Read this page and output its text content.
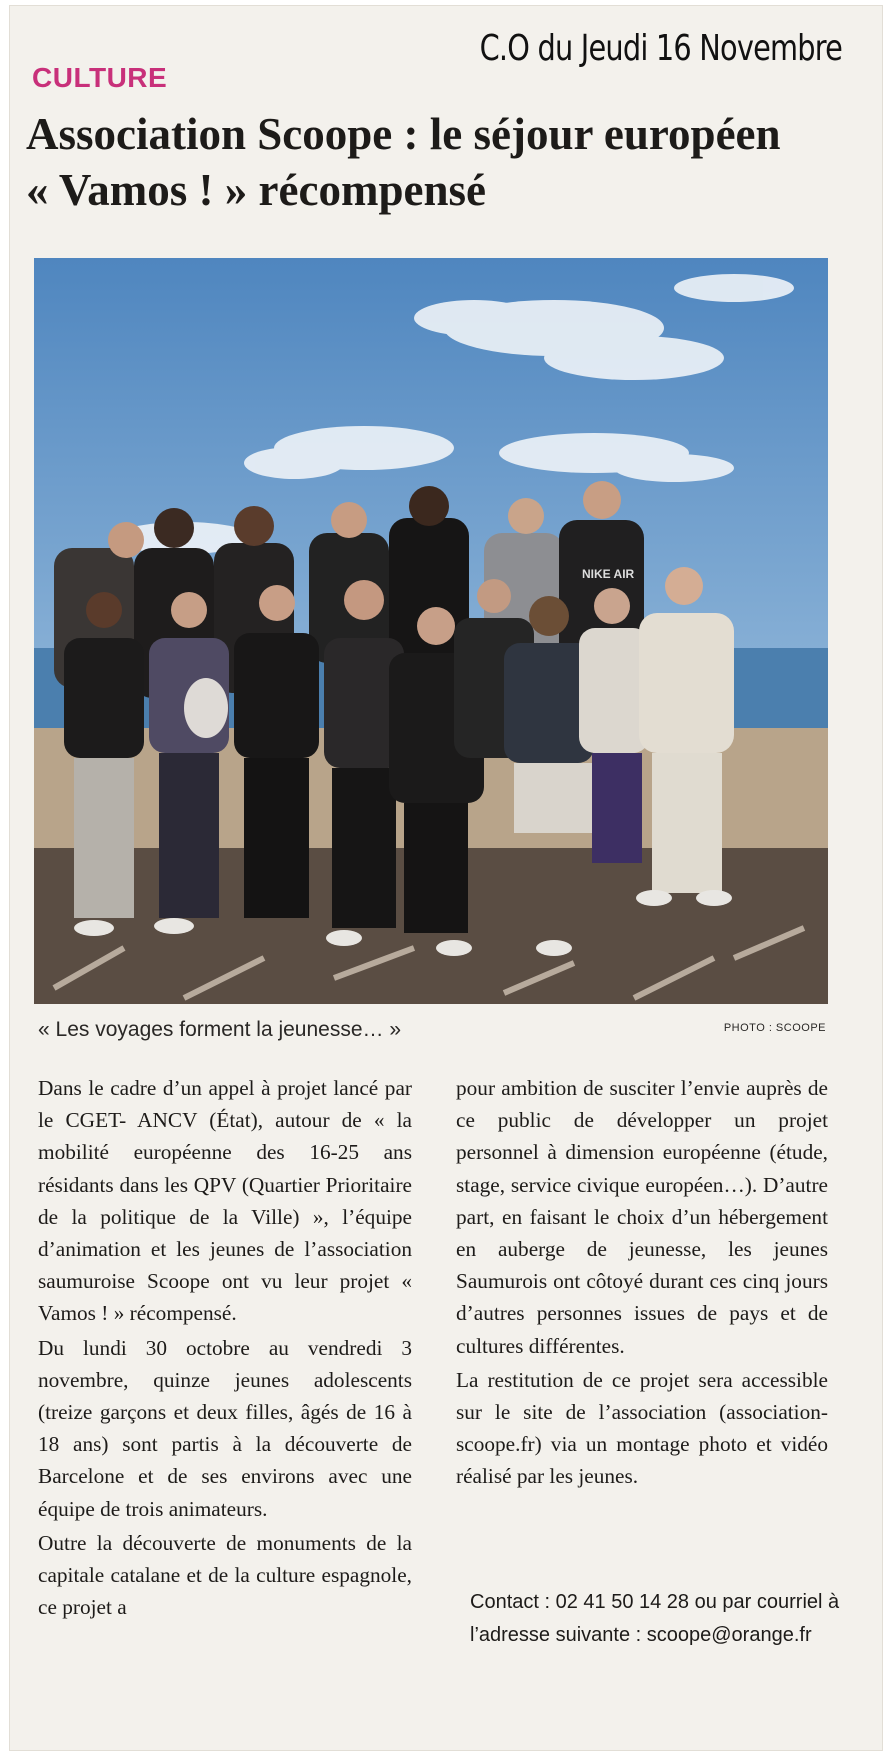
C.O du Jeudi 16 Novembre
CULTURE
Association Scoope : le séjour européen
« Vamos ! » récompensé
NIKE AIR
« Les voyages forment la jeunesse… »	PHOTO : SCOOPE

Dans le cadre d’un appel à projet lancé par le CGET- ANCV (État), autour de « la mobilité européenne des 16-25 ans résidants dans les QPV (Quartier Prioritaire de la politique de la Ville) », l’équipe d’animation et les jeunes de l’association saumuroise Scoope ont vu leur projet « Vamos ! » récompensé.

Du lundi 30 octobre au vendredi 3 novembre, quinze jeunes adolescents (treize garçons et deux filles, âgés de 16 à 18 ans) sont partis à la découverte de Barcelone et de ses environs avec une équipe de trois animateurs.

Outre la découverte de monuments de la capitale catalane et de la culture espagnole, ce projet a

pour ambition de susciter l’envie auprès de ce public de développer un projet personnel à dimension européenne (étude, stage, service civique européen…). D’autre part, en faisant le choix d’un hébergement en auberge de jeunesse, les jeunes Saumurois ont côtoyé durant ces cinq jours d’autres personnes issues de pays et de cultures différentes.

La restitution de ce projet sera accessible sur le site de l’association (association-scoope.fr) via un montage photo et vidéo réalisé par les jeunes.

Contact : 02 41 50 14 28 ou par courriel à l’adresse suivante : scoope@orange.fr
